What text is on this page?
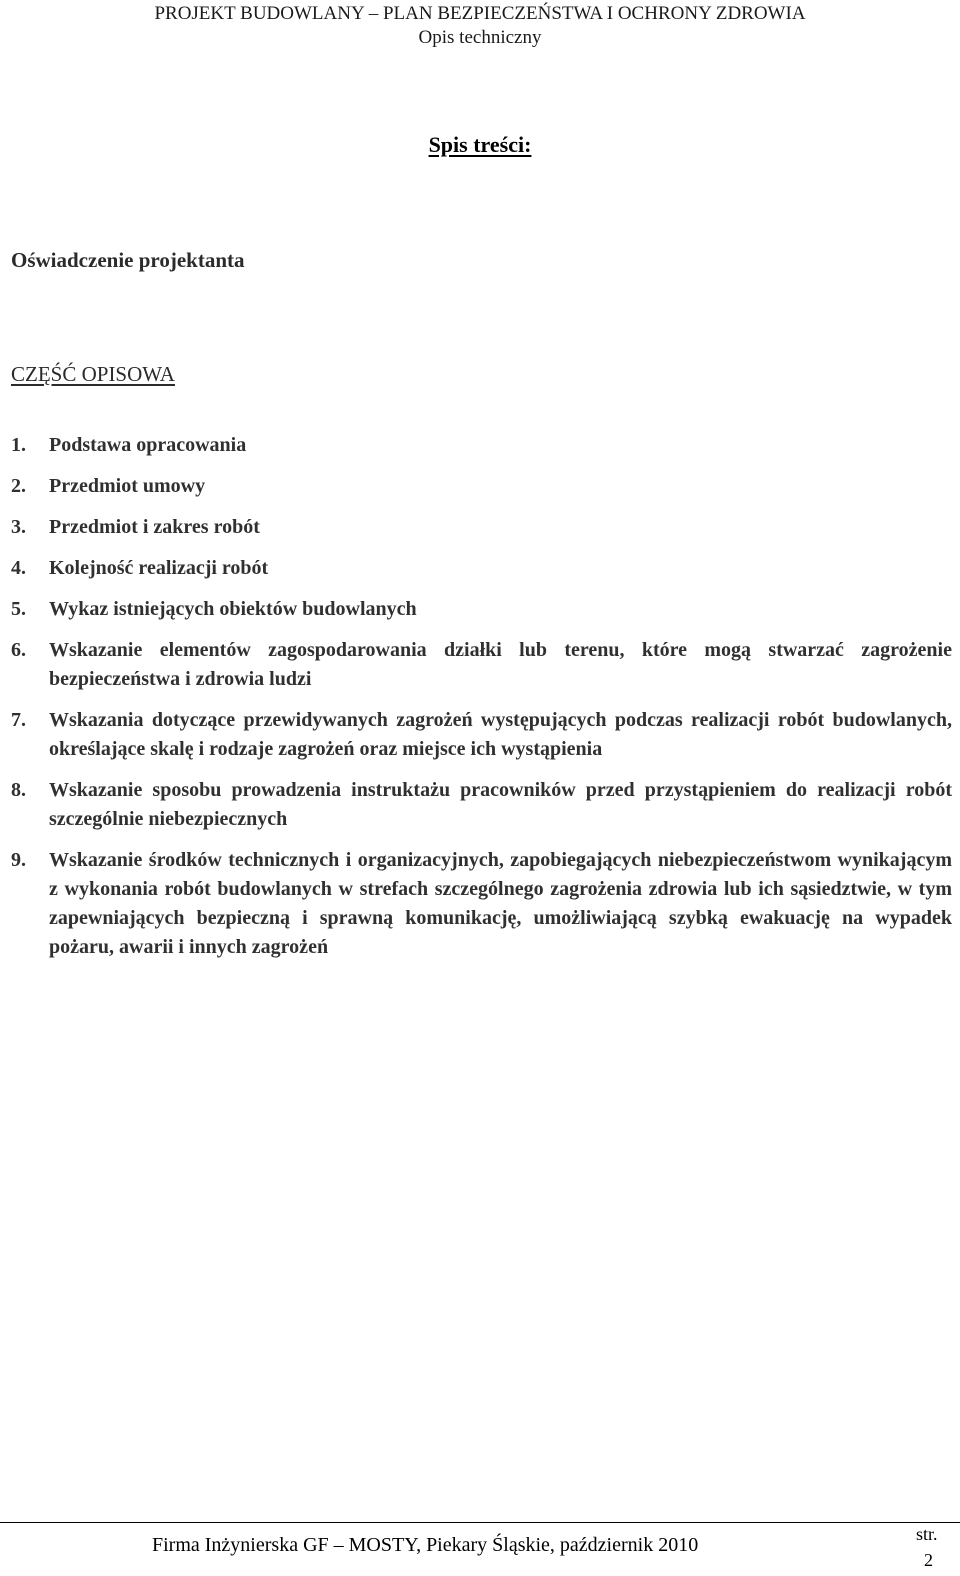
PROJEKT BUDOWLANY – PLAN BEZPIECZEŃSTWA I OCHRONY ZDROWIA
Opis techniczny
Spis treści:
Oświadczenie projektanta
CZĘŚĆ OPISOWA
1.	Podstawa opracowania
2.	Przedmiot umowy
3.	Przedmiot i zakres robót
4.	Kolejność realizacji robót
5.	Wykaz istniejących obiektów budowlanych
6.	Wskazanie elementów zagospodarowania działki lub terenu, które mogą stwarzać zagrożenie bezpieczeństwa i zdrowia ludzi
7.	Wskazania dotyczące przewidywanych zagrożeń występujących podczas realizacji robót budowlanych, określające skalę i rodzaje zagrożeń oraz miejsce ich wystąpienia
8.	Wskazanie sposobu prowadzenia instruktażu pracowników przed przystąpieniem do realizacji robót szczególnie niebezpiecznych
9.	Wskazanie środków technicznych i organizacyjnych, zapobiegających niebezpieczeństwom wynikającym z wykonania robót budowlanych w strefach szczególnego zagrożenia zdrowia lub ich sąsiedztwie, w tym zapewniających bezpieczną i sprawną komunikację, umożliwiającą szybką ewakuację na wypadek pożaru, awarii i innych zagrożeń
Firma Inżynierska GF – MOSTY, Piekary Śląskie, październik 2010	str.
2
